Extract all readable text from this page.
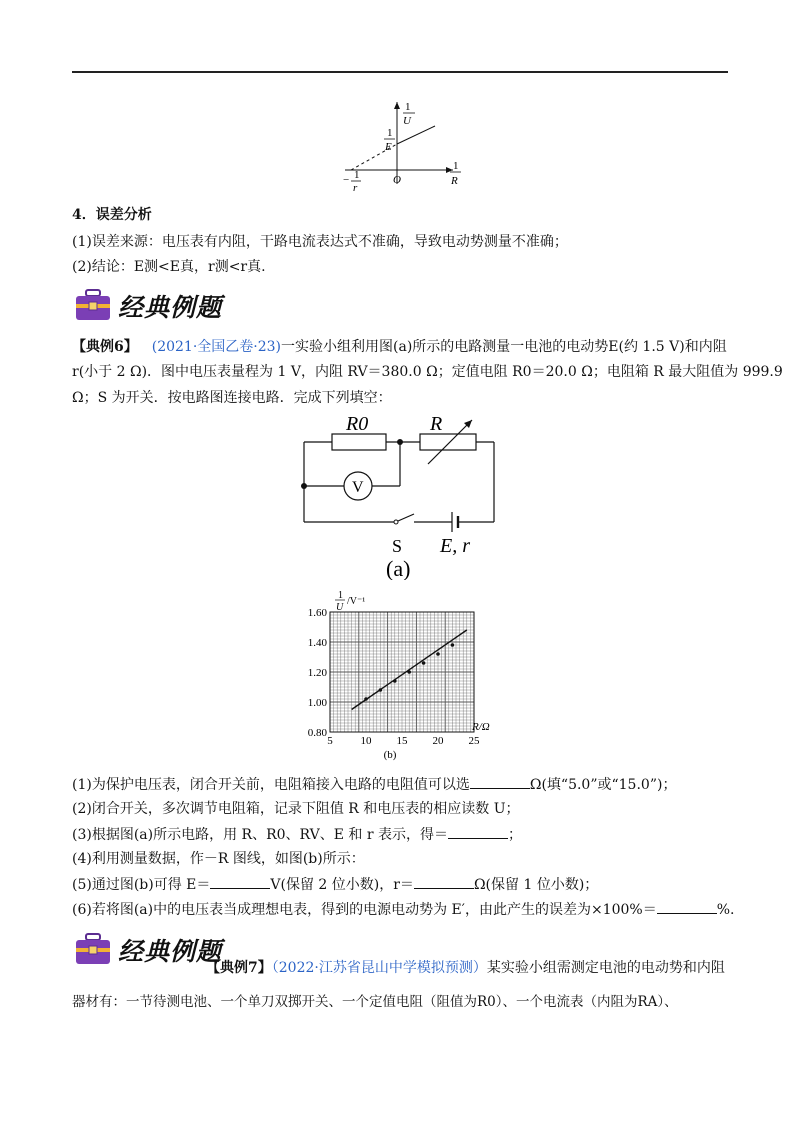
1
U
1
E
1
R
O
− 1
r
4．误差分析
(1)误差来源：电压表有内阻，干路电流表达式不准确，导致电动势测量不准确；
(2)结论：E测<E真，r测<r真.
经典例题
【典例6】 (2021·全国乙卷·23)一实验小组利用图(a)所示的电路测量一电池的电动势E(约 1.5 V)和内阻
r(小于 2 Ω)．图中电压表量程为 1 V，内阻 RV＝380.0 Ω；定值电阻 R0＝20.0 Ω；电阻箱 R 最大阻值为 999.9
Ω；S 为开关．按电路图连接电路．完成下列填空：
R0	R
V
S E, r
(a)
5	10 15 20 25
0.80
1.00
1.20
1.40
1.60
1
U
/V⁻¹
R/Ω
(b)
(1)为保护电压表，闭合开关前，电阻箱接入电路的电阻值可以选	Ω(填“5.0”或“15.0”)；
(2)闭合开关，多次调节电阻箱，记录下阻值 R 和电压表的相应读数 U；
(3)根据图(a)所示电路，用 R、R0、RV、E 和 r 表示，得＝	；
(4)利用测量数据，作－R 图线，如图(b)所示：
(5)通过图(b)可得 E＝	V(保留 2 位小数)，r＝	Ω(保留 1 位小数)；
(6)若将图(a)中的电压表当成理想电表，得到的电源电动势为 E′，由此产生的误差为×100%＝	%.
经典例题
【典例7】（2022·江苏省昆山中学模拟预测）某实验小组需测定电池的电动势和内阻
器材有：一节待测电池、一个单刀双掷开关、一个定值电阻（阻值为R0）、一个电流表（内阻为RA）、
